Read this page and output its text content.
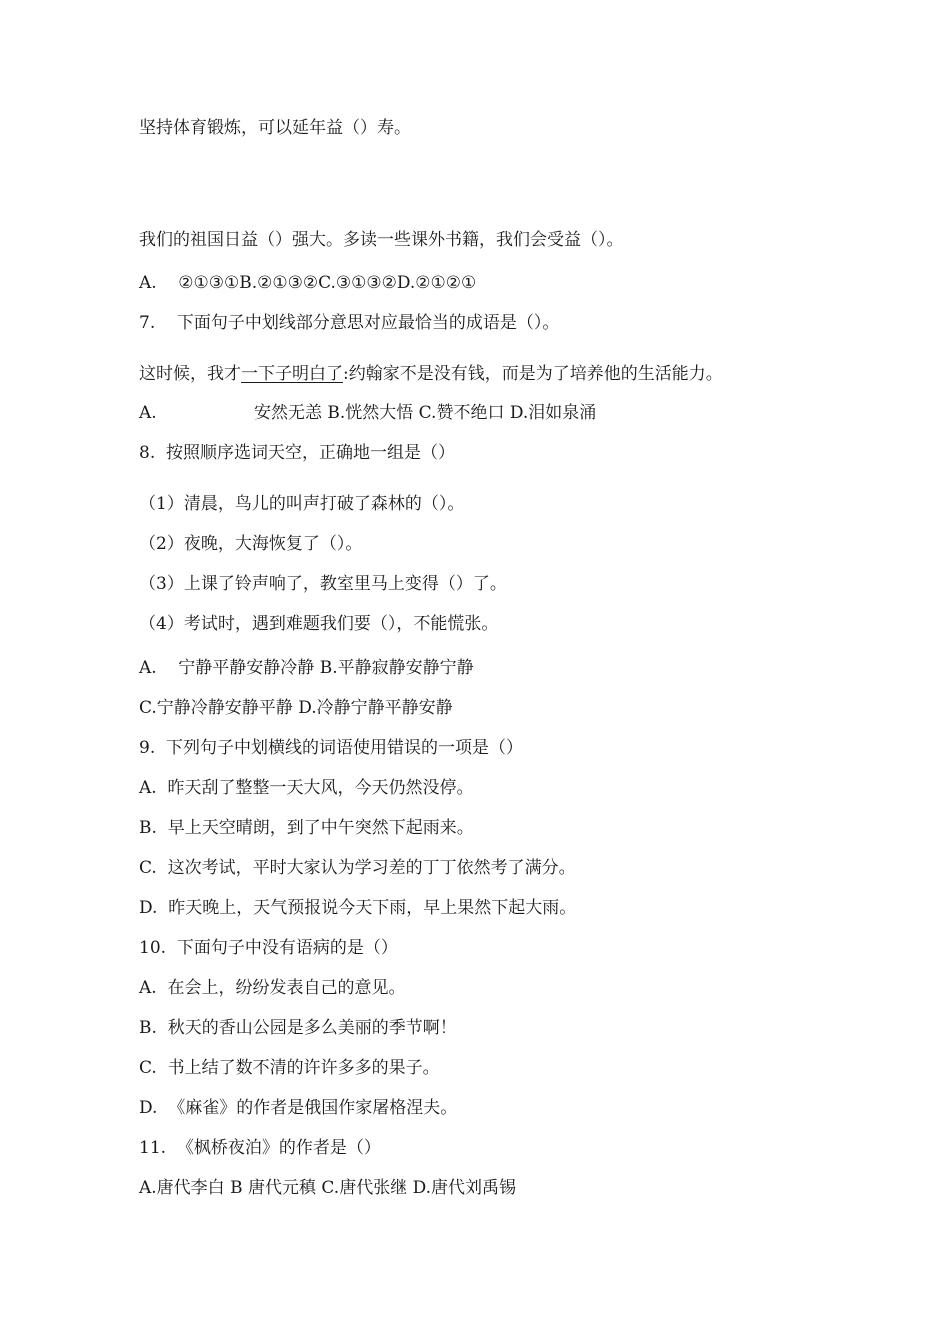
坚持体育锻炼，可以延年益（）寿。
我们的祖国日益（）强大。多读一些课外书籍，我们会受益（）。
A.    ②①③①B.②①③②C.③①③②D.②①②①
7.    下面句子中划线部分意思对应最恰当的成语是（）。
这时候，我才一下子明白了:约翰家不是没有钱，而是为了培养他的生活能力。
A.                  安然无恙 B.恍然大悟 C.赞不绝口 D.泪如泉涌
8.  按照顺序选词天空，正确地一组是（）
（1）清晨，鸟儿的叫声打破了森林的（）。
（2）夜晚，大海恢复了（）。
（3）上课了铃声响了，教室里马上变得（）了。
（4）考试时，遇到难题我们要（），不能慌张。
A.    宁静平静安静冷静 B.平静寂静安静宁静
C.宁静冷静安静平静 D.冷静宁静平静安静
9.  下列句子中划横线的词语使用错误的一项是（）
A.  昨天刮了整整一天大风，今天仍然没停。
B.  早上天空晴朗，到了中午突然下起雨来。
C.  这次考试，平时大家认为学习差的丁丁依然考了满分。
D.  昨天晚上，天气预报说今天下雨，早上果然下起大雨。
10.  下面句子中没有语病的是（）
A.  在会上，纷纷发表自己的意见。
B.  秋天的香山公园是多么美丽的季节啊！
C.  书上结了数不清的许许多多的果子。
D.  《麻雀》的作者是俄国作家屠格涅夫。
11.  《枫桥夜泊》的作者是（）
A.唐代李白 B 唐代元稹 C.唐代张继 D.唐代刘禹锡
